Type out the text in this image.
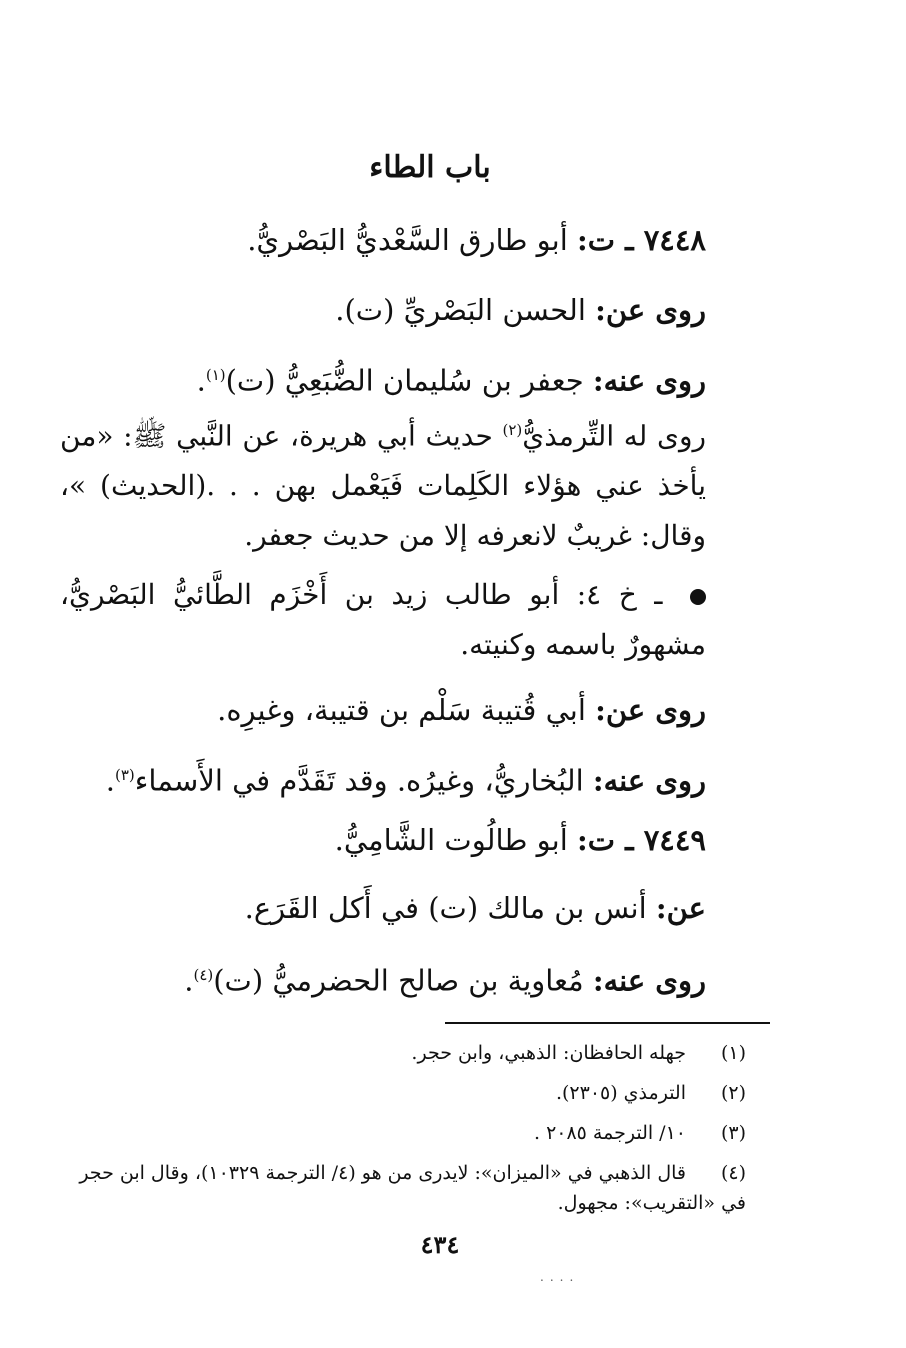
باب الطاء
٧٤٤٨ ـ ت: أبو طارق السَّعْديُّ البَصْريُّ.
روى عن: الحسن البَصْريِّ (ت).
روى عنه: جعفر بن سُليمان الضُّبَعِيُّ (ت)$^{(١)}$.
روى له التِّرمذيُّ$^{(٢)}$ حديث أبي هريرة، عن النَّبي ﷺ: «من يأخذ عني هؤلاء الكَلِمات فَيَعْمل بهن . . .(الحديث) »، وقال: غريبٌ لانعرفه إلا من حديث جعفر.
ـ خ ٤: أبو طالب زيد بن أَخْزَم الطَّائيُّ البَصْريُّ، مشهورٌ باسمه وكنيته.
روى عن: أبي قُتيبة سَلْم بن قتيبة، وغيرِه.
روى عنه: البُخاريُّ، وغيرُه. وقد تَقَدَّم في الأَسماء$^{(٣)}$.
٧٤٤٩ ـ ت: أبو طالُوت الشَّامِيُّ.
عن: أنس بن مالك (ت) في أَكل القَرَع.
روى عنه: مُعاوية بن صالح الحضرميُّ (ت)$^{(٤)}$.
(١)جهله الحافظان: الذهبي، وابن حجر.
(٢)الترمذي (٢٣٠٥).
(٣)١٠/ الترجمة ٢٠٨٥ .
(٤)قال الذهبي في «الميزان»: لايدرى من هو (٤/ الترجمة ١٠٣٢٩)، وقال ابن حجر في «التقريب»: مجهول.
٤٣٤
....
